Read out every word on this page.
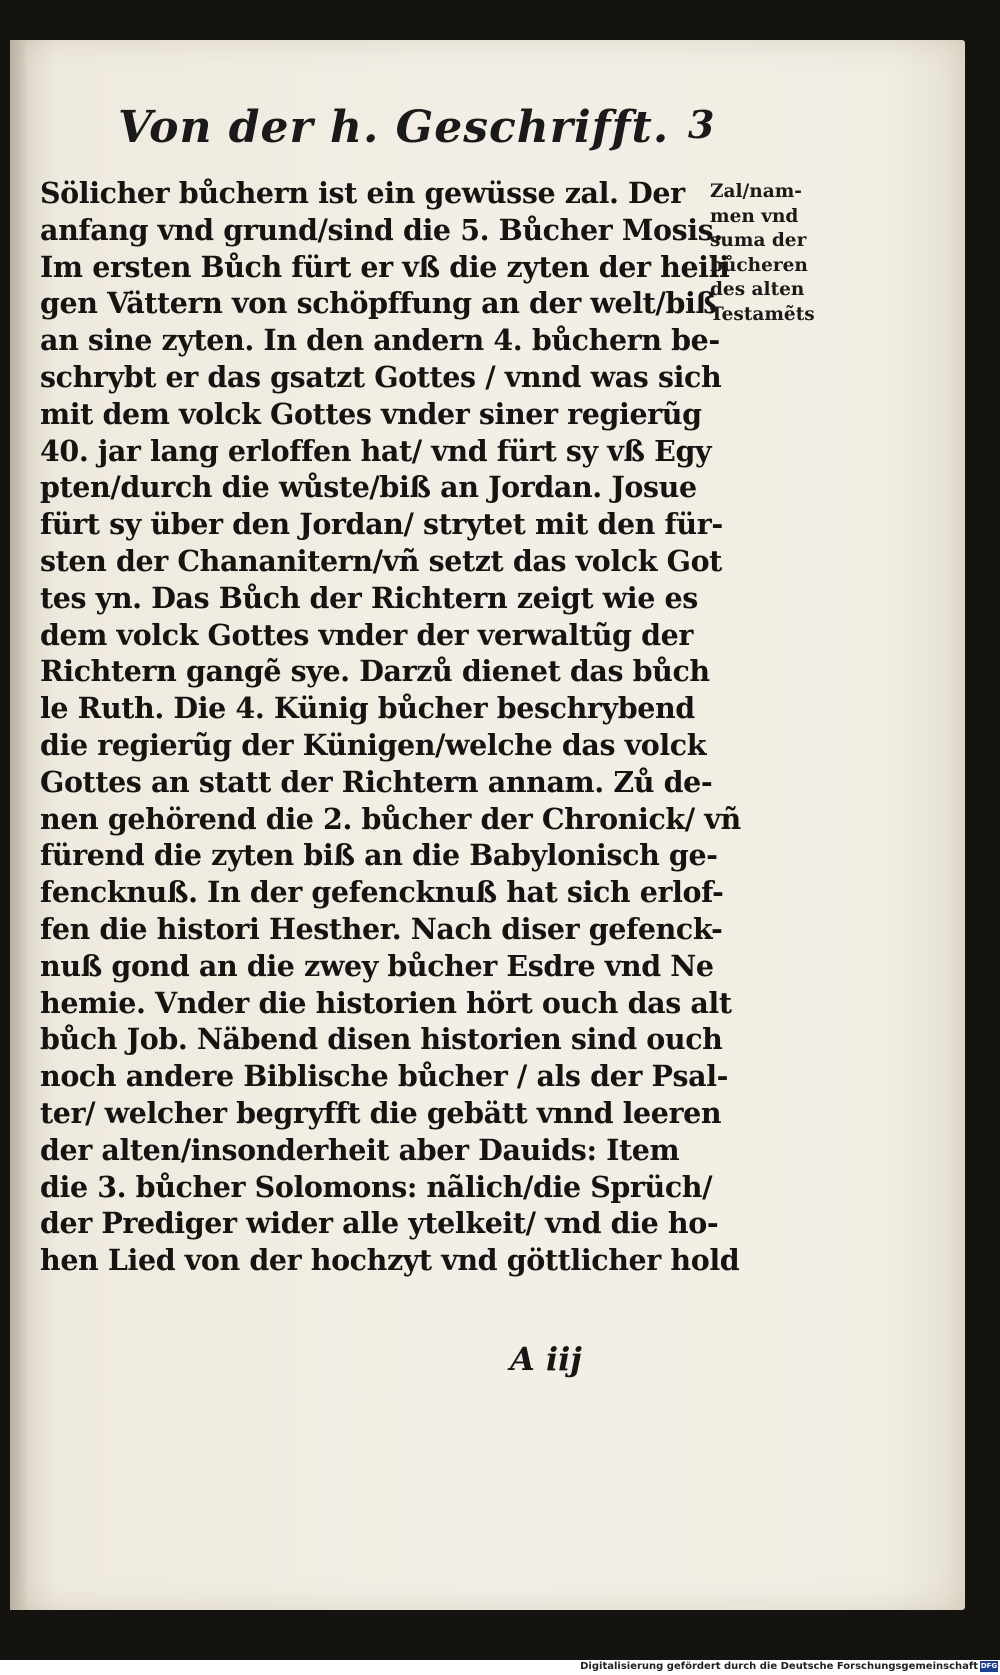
Von der h. Geschrifft. 3
Sölicher bůchern ist ein gewüsse zal. Der
anfang vnd grund/sind die 5. Bůcher Mosis.
Im ersten Bůch fürt er vß die zyten der heili
gen Vättern von schöpffung an der welt/biß
an sine zyten. In den andern 4. bůchern be-
schrybt er das gsatzt Gottes / vnnd was sich
mit dem volck Gottes vnder siner regierũg
40. jar lang erloffen hat/ vnd fürt sy vß Egy
pten/durch die wůste/biß an Jordan. Josue
fürt sy über den Jordan/ strytet mit den für-
sten der Chananitern/vñ setzt das volck Got
tes yn. Das Bůch der Richtern zeigt wie es
dem volck Gottes vnder der verwaltũg der
Richtern gangẽ sye. Darzů dienet das bůch
le Ruth. Die 4. Künig bůcher beschrybend
die regierũg der Künigen/welche das volck
Gottes an statt der Richtern annam. Zů de-
nen gehörend die 2. bůcher der Chronick/ vñ
fürend die zyten biß an die Babylonisch ge-
fencknuß. In der gefencknuß hat sich erlof-
fen die histori Hesther. Nach diser gefenck-
nuß gond an die zwey bůcher Esdre vnd Ne
hemie. Vnder die historien hört ouch das alt
bůch Job. Näbend disen historien sind ouch
noch andere Biblische bůcher / als der Psal-
ter/ welcher begryfft die gebätt vnnd leeren
der alten/insonderheit aber Dauids: Item
die 3. bůcher Solomons: nãlich/die Sprüch/
der Prediger wider alle ytelkeit/ vnd die ho-
hen Lied von der hochzyt vnd göttlicher hold
Zal/nam-
men vnd
suma der
bůcheren
des alten
Testamẽts
A iij
Digitalisierung gefördert durch die Deutsche Forschungsgemeinschaft DFG
